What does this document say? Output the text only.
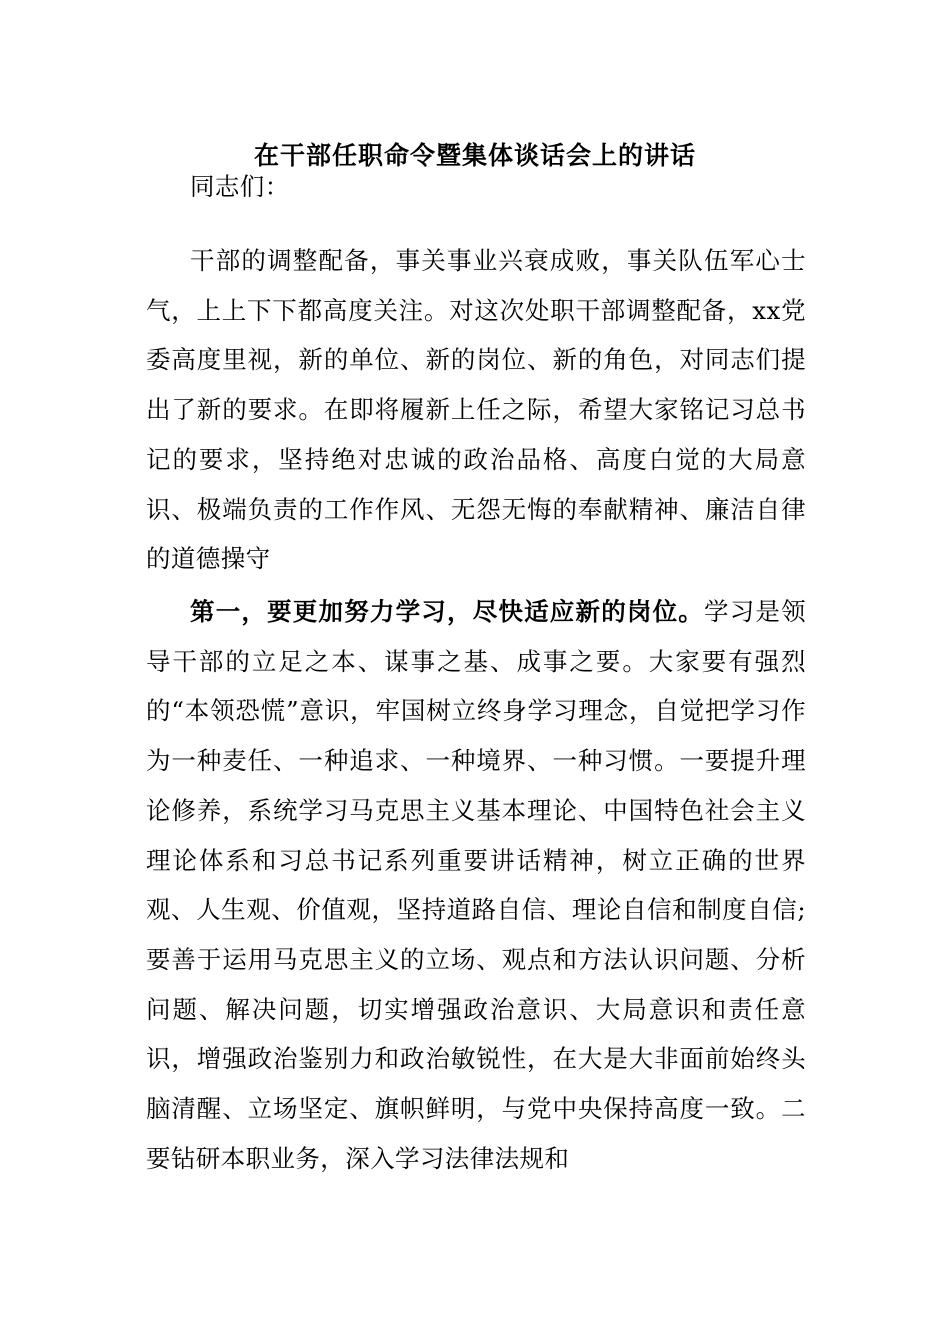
在干部任职命令暨集体谈话会上的讲话
同志们：
干部的调整配备，事关事业兴衰成败，事关队伍军心士气，上上下下都高度关注。对这次处职干部调整配备，xx党委高度里视，新的单位、新的岗位、新的角色，对同志们提出了新的要求。在即将履新上任之际，希望大家铭记习总书记的要求，坚持绝对忠诚的政治品格、高度白觉的大局意识、极端负责的工作作风、无怨无悔的奉献精神、廉洁自律的道德操守
第一，要更加努力学习，尽快适应新的岗位。学习是领导干部的立足之本、谋事之基、成事之要。大家要有强烈的“本领恐慌”意识，牢国树立终身学习理念，自觉把学习作为一种麦任、一种追求、一种境界、一种习惯。一要提升理论修养，系统学习马克思主义基本理论、中国特色社会主义理论体系和习总书记系列重要讲话精神，树立正确的世界观、人生观、价值观，坚持道路自信、理论自信和制度自信;要善于运用马克思主义的立场、观点和方法认识问题、分析问题、解决问题，切实增强政治意识、大局意识和责任意识，增强政治鉴别力和政治敏锐性，在大是大非面前始终头脑清醒、立场坚定、旗帜鲜明，与党中央保持高度一致。二要钻研本职业务，深入学习法律法规和
